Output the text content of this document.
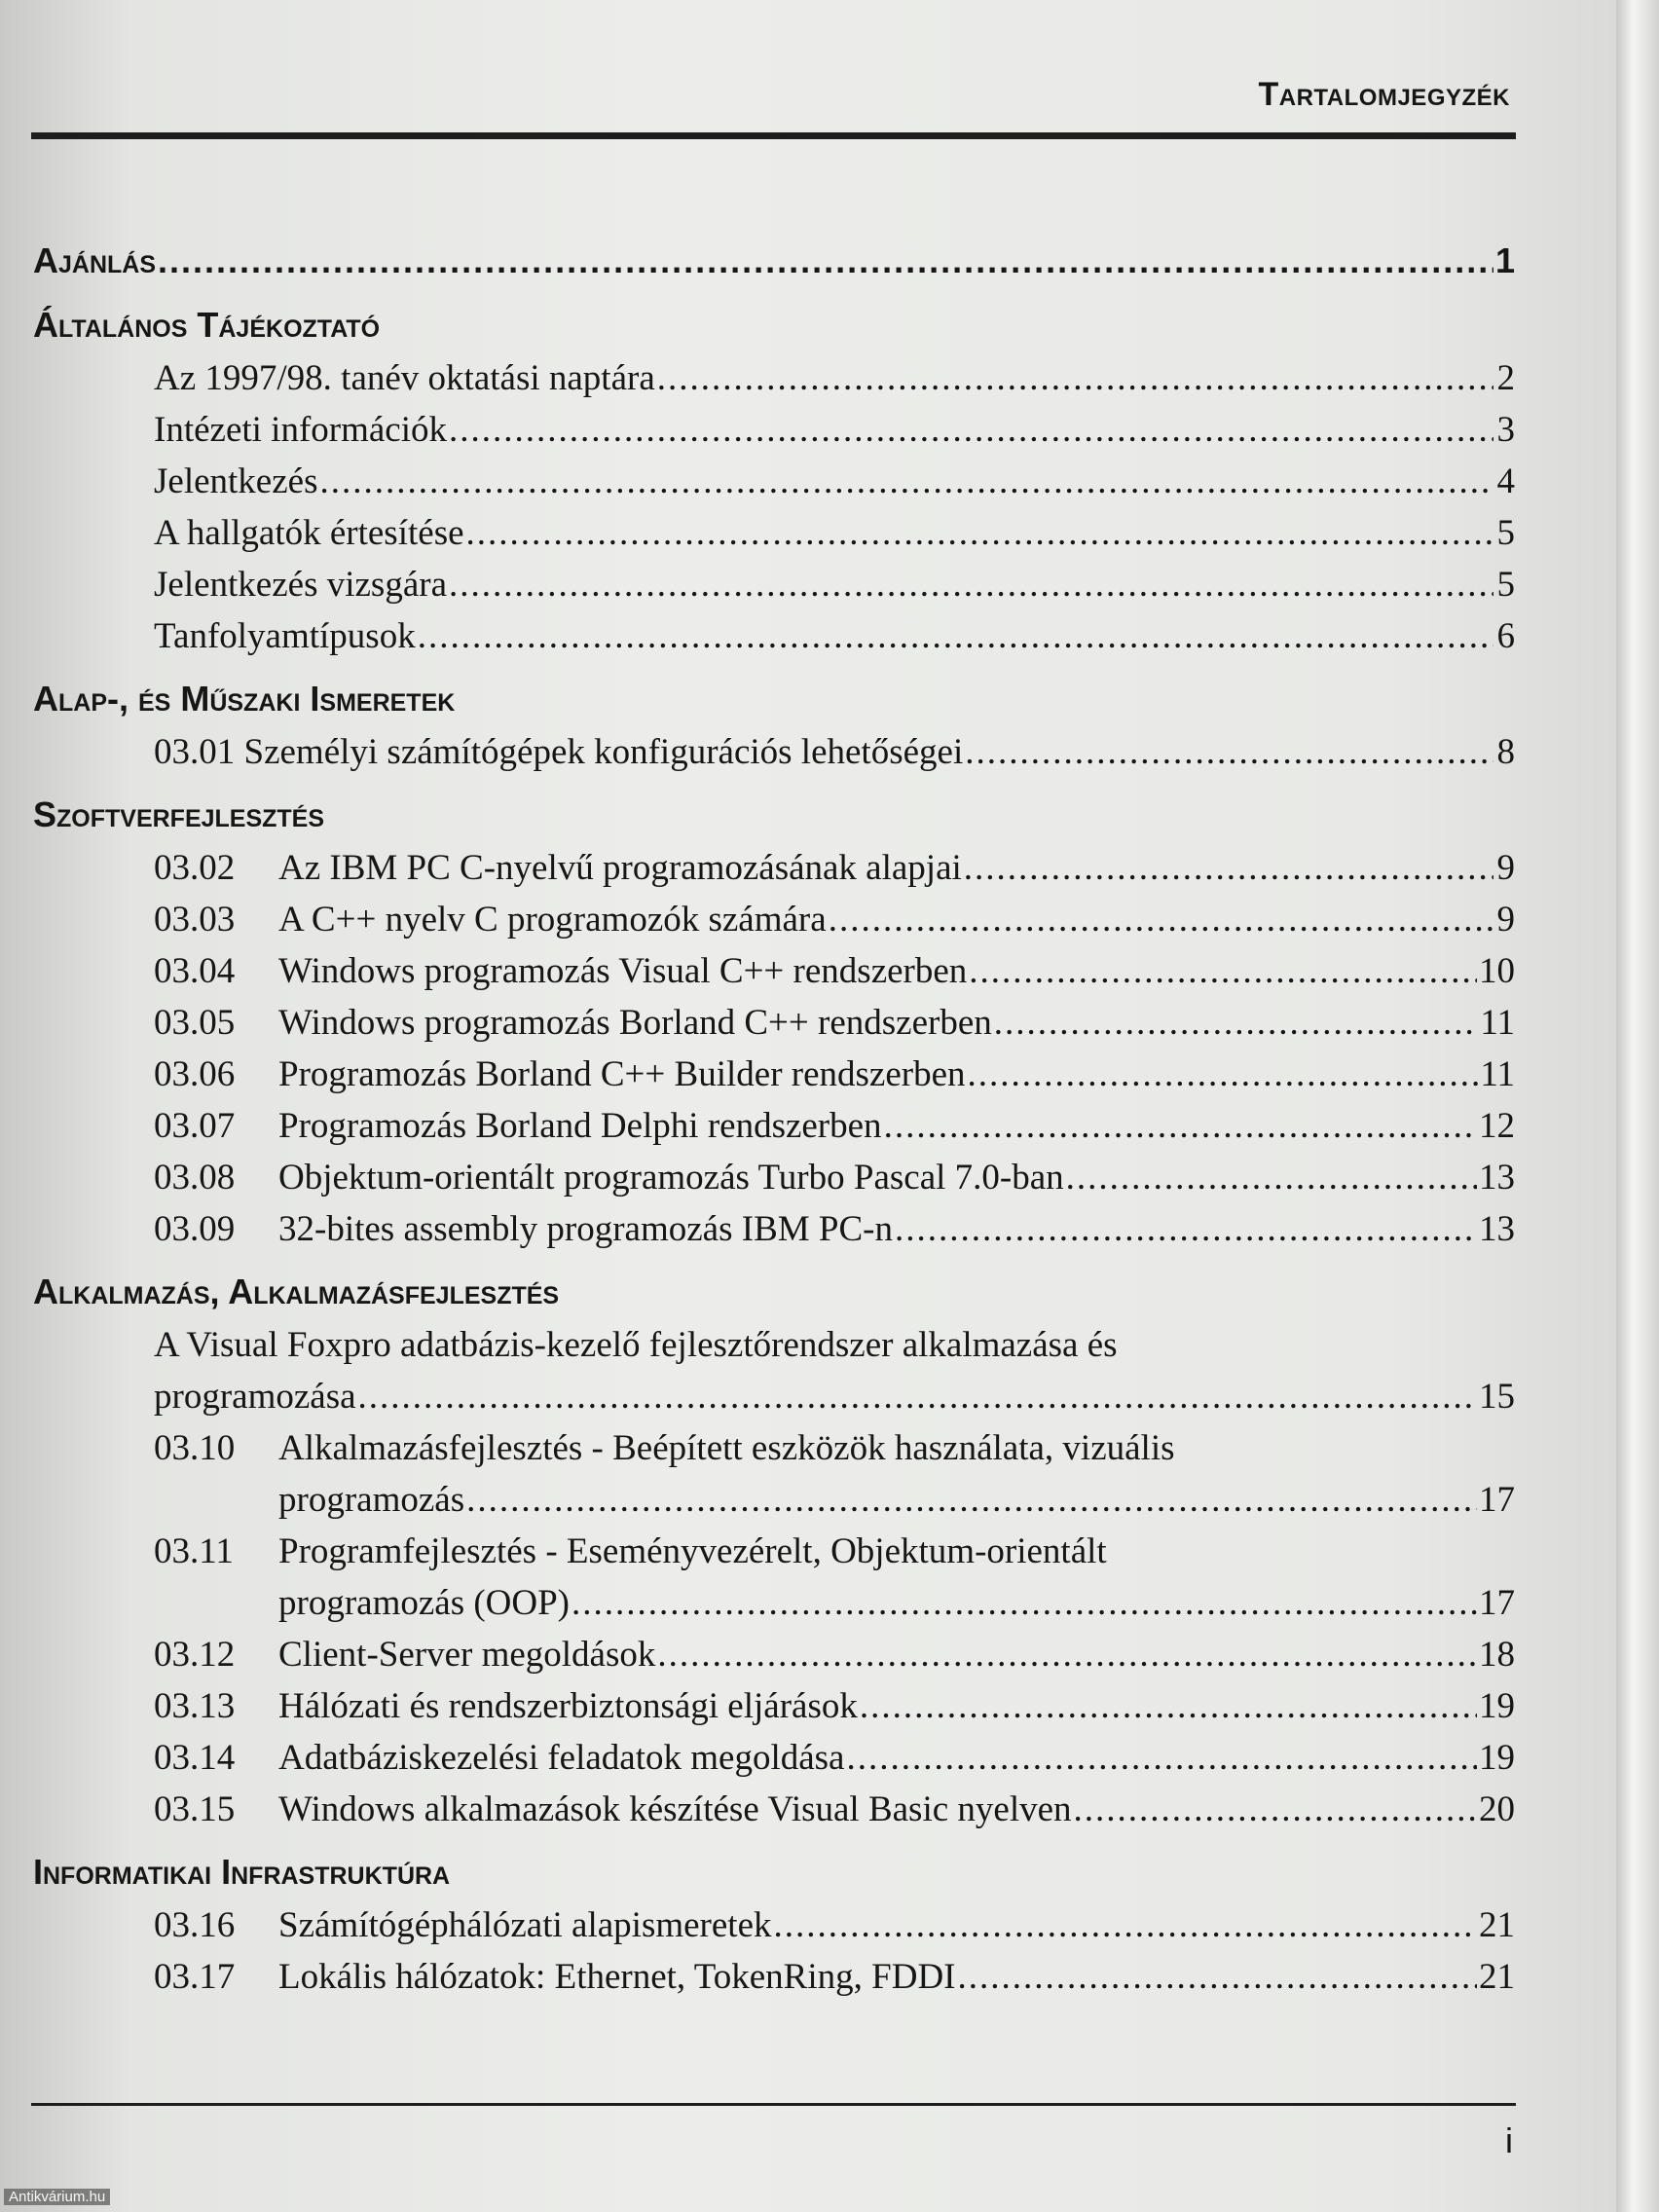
Tartalomjegyzék
Ajánlás .....	1
Általános Tájékoztató
Az 1997/98. tanév oktatási naptára .....	2
Intézeti információk .....	3
Jelentkezés .....	4
A hallgatók értesítése .....	5
Jelentkezés vizsgára .....	5
Tanfolyamtípusok .....	6
Alap-, és Műszaki Ismeretek
03.01 Személyi számítógépek konfigurációs lehetőségei .....	8
Szoftverfejlesztés
03.02	Az IBM PC C-nyelvű programozásának alapjai .....	9
03.03	A C++ nyelv C programozók számára .....	9
03.04	Windows programozás Visual C++ rendszerben .....	10
03.05	Windows programozás Borland C++ rendszerben .....	11
03.06	Programozás Borland C++ Builder rendszerben .....	11
03.07	Programozás Borland Delphi rendszerben .....	12
03.08	Objektum-orientált programozás Turbo Pascal 7.0-ban .....	13
03.09	32-bites assembly programozás IBM PC-n .....	13
Alkalmazás, Alkalmazásfejlesztés
A Visual Foxpro adatbázis-kezelő fejlesztőrendszer alkalmazása és
programozása .....	15
03.10	Alkalmazásfejlesztés - Beépített eszközök használata, vizuális
programozás .....	17
03.11	Programfejlesztés - Eseményvezérelt, Objektum-orientált
programozás (OOP) .....	17
03.12	Client-Server megoldások .....	18
03.13	Hálózati és rendszerbiztonsági eljárások .....	19
03.14	Adatbáziskezelési feladatok megoldása .....	19
03.15	Windows alkalmazások készítése Visual Basic nyelven .....	20
Informatikai Infrastruktúra
03.16	Számítógéphálózati alapismeretek .....	21
03.17	Lokális hálózatok: Ethernet, TokenRing, FDDI .....	21
i
Antikvárium.hu
